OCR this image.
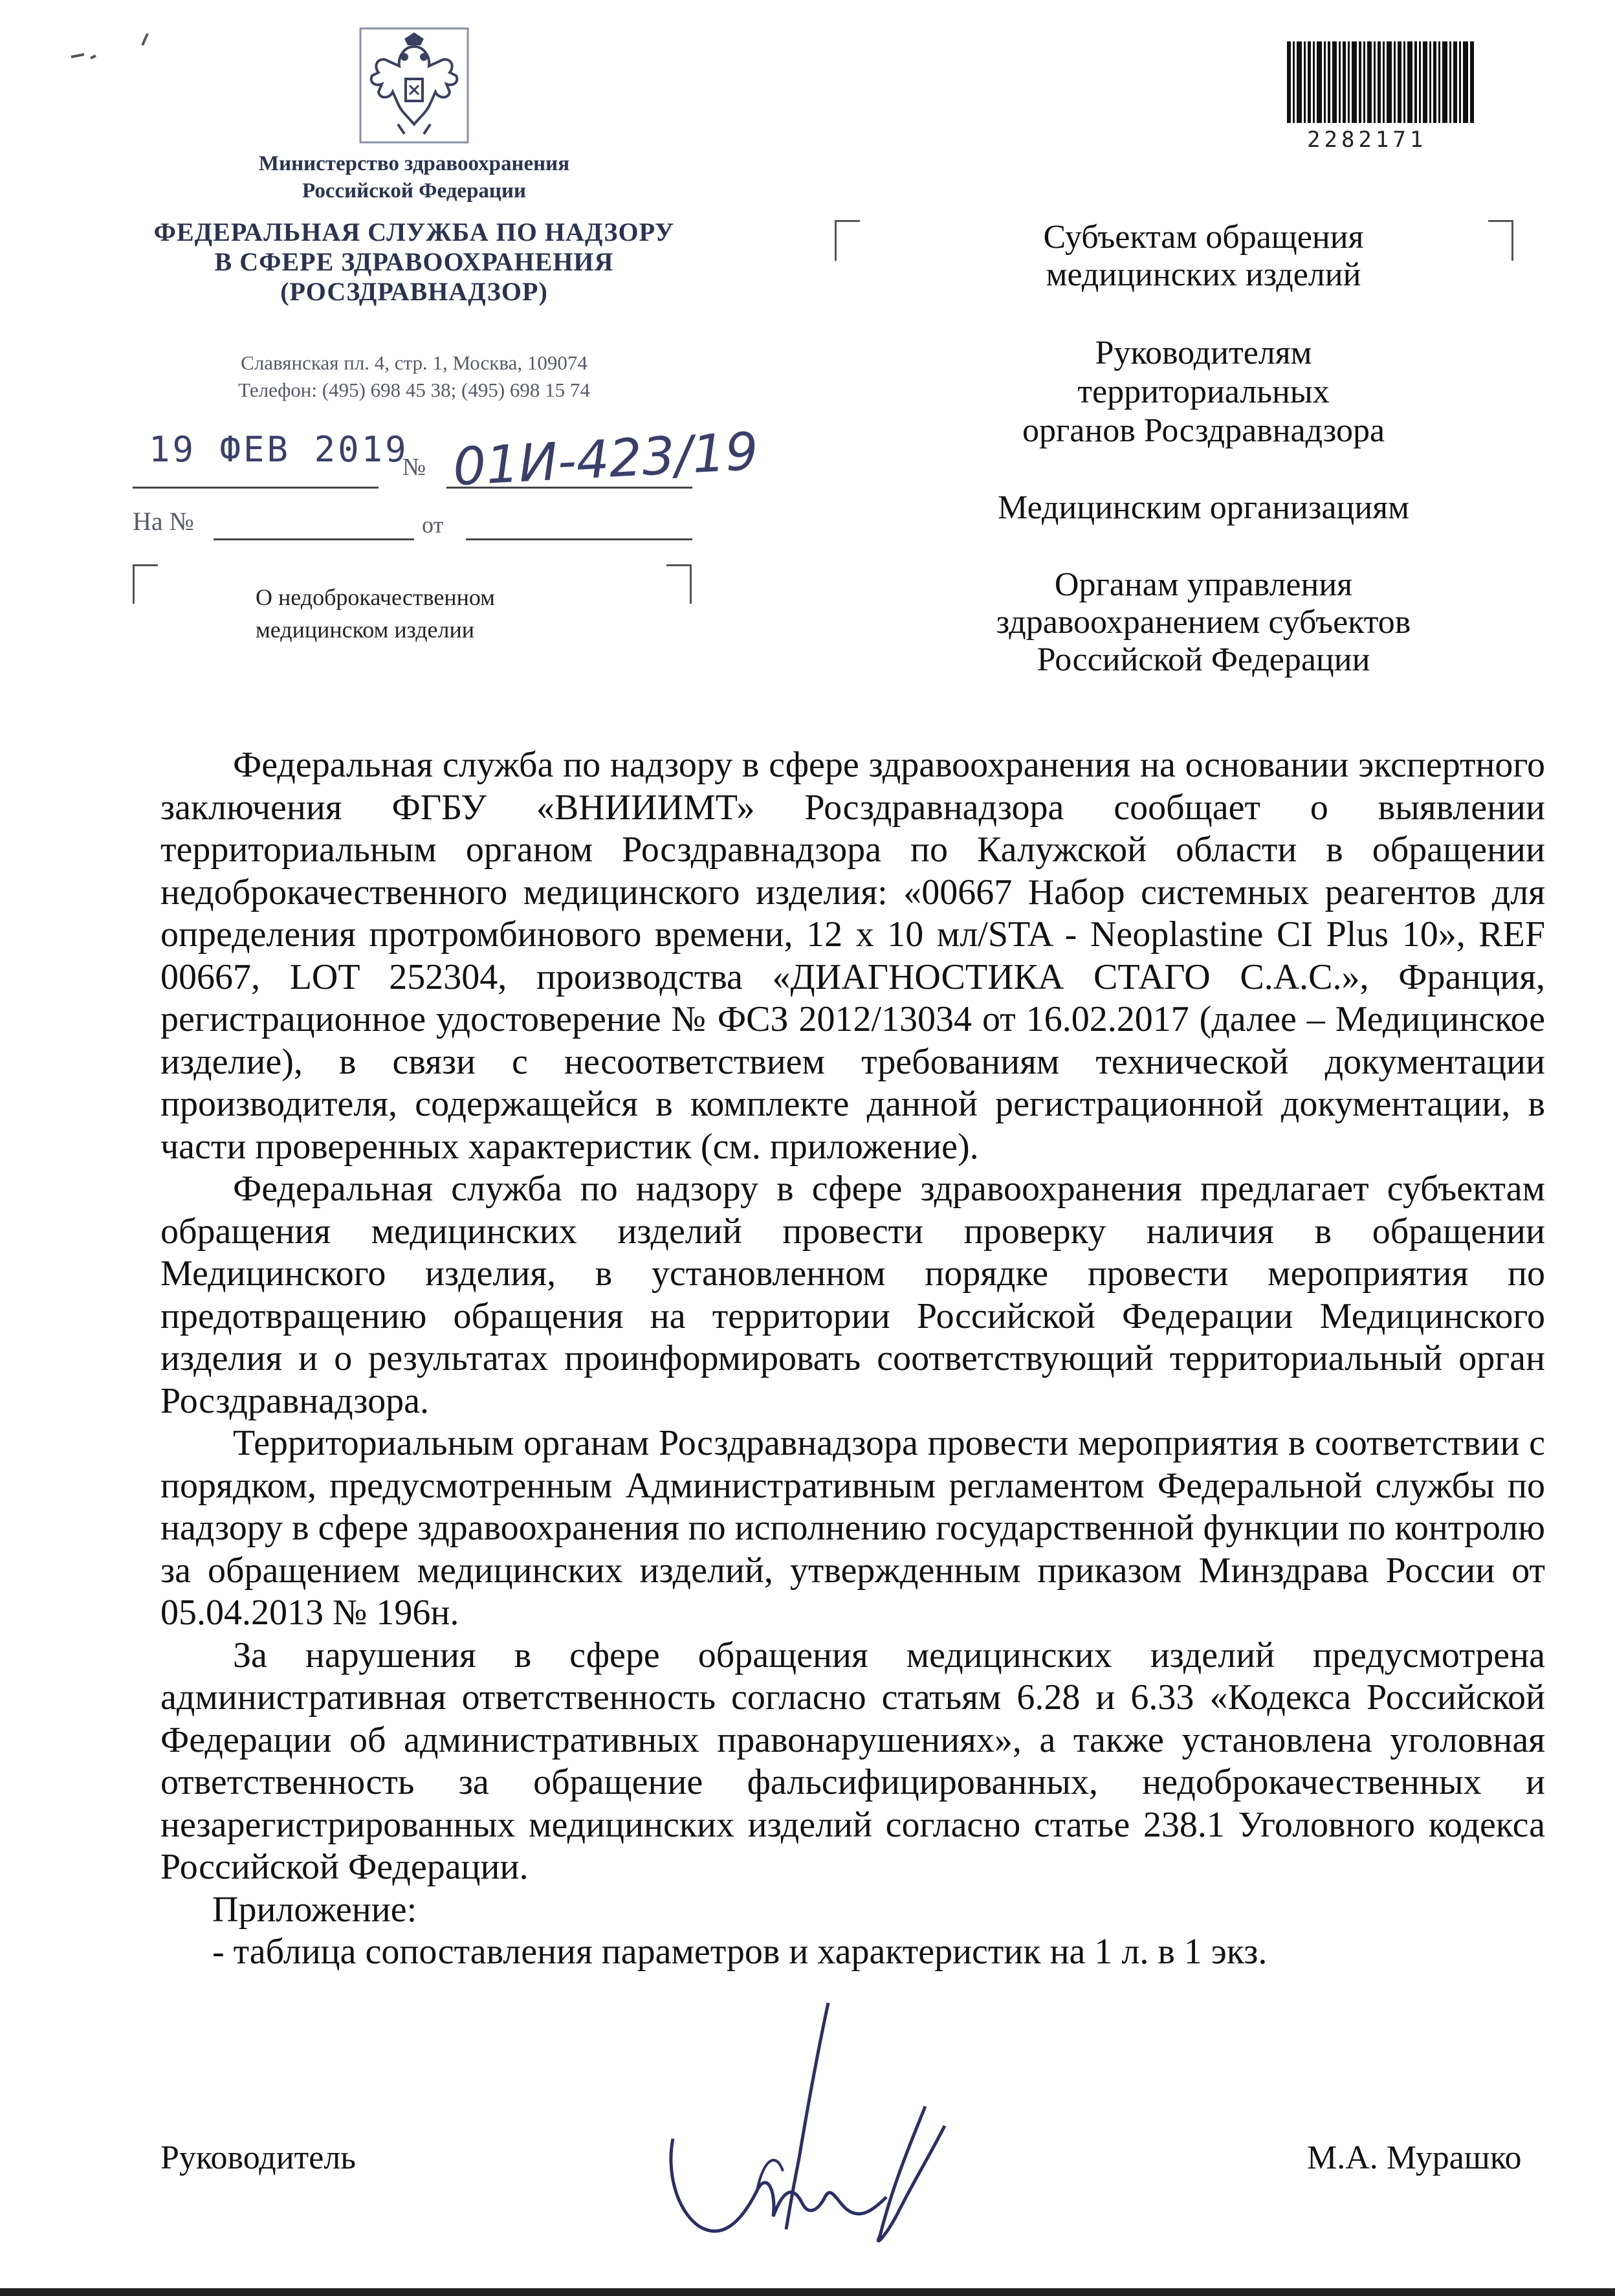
Министерство здравоохранения
Российской Федерации
ФЕДЕРАЛЬНАЯ СЛУЖБА ПО НАДЗОРУ
В СФЕРЕ ЗДРАВООХРАНЕНИЯ
(РОСЗДРАВНАДЗОР)
Славянская пл. 4, стр. 1, Москва, 109074
Телефон: (495) 698 45 38; (495) 698 15 74
19 ФЕВ 2019
№ 01И-423/19
На №	от
О недоброкачественном
медицинском изделии
2282171
Субъектам обращения
медицинских изделий
Руководителям
территориальных
органов Росздравнадзора
Медицинским организациям
Органам управления
здравоохранением субъектов
Российской Федерации

Федеральная служба по надзору в сфере здравоохранения на основании экспертного заключения ФГБУ «ВНИИИМТ» Росздравнадзора сообщает о выявлении территориальным органом Росздравнадзора по Калужской области в обращении недоброкачественного медицинского изделия: «00667 Набор системных реагентов для определения протромбинового времени, 12 x 10 мл/STA - Neoplastine CI Plus 10», REF 00667, LOT 252304, производства «ДИАГНОСТИКА СТАГО С.А.С.», Франция, регистрационное удостоверение № ФСЗ 2012/13034 от 16.02.2017 (далее – Медицинское изделие), в связи с несоответствием требованиям технической документации производителя, содержащейся в комплекте данной регистрационной документации, в части проверенных характеристик (см. приложение).

Федеральная служба по надзору в сфере здравоохранения предлагает субъектам обращения медицинских изделий провести проверку наличия в обращении Медицинского изделия, в установленном порядке провести мероприятия по предотвращению обращения на территории Российской Федерации Медицинского изделия и о результатах проинформировать соответствующий территориальный орган Росздравнадзора.

Территориальным органам Росздравнадзора провести мероприятия в соответствии с порядком, предусмотренным Административным регламентом Федеральной службы по надзору в сфере здравоохранения по исполнению государственной функции по контролю за обращением медицинских изделий, утвержденным приказом Минздрава России от 05.04.2013 № 196н.

За нарушения в сфере обращения медицинских изделий предусмотрена административная ответственность согласно статьям 6.28 и 6.33 «Кодекса Российской Федерации об административных правонарушениях», а также установлена уголовная ответственность за обращение фальсифицированных, недоброкачественных и незарегистрированных медицинских изделий согласно статье 238.1 Уголовного кодекса Российской Федерации.

Приложение:

- таблица сопоставления параметров и характеристик на 1 л. в 1 экз.

Руководитель	М.А. Мурашко
